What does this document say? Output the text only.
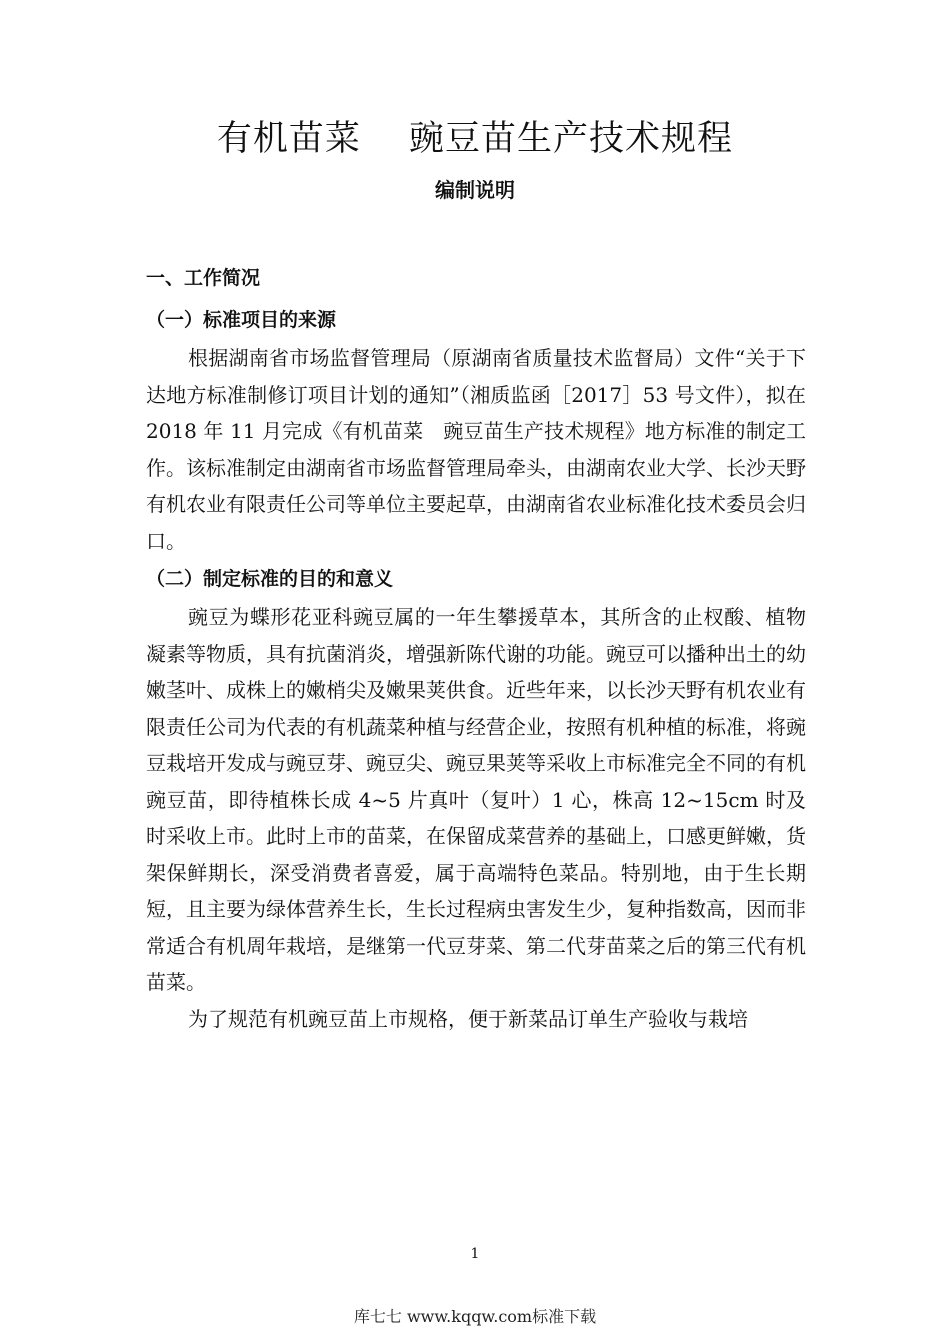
有机苗菜　 豌豆苗生产技术规程
编制说明
一、工作简况
（一）标准项目的来源

根据湖南省市场监督管理局（原湖南省质量技术监督局）文件“关于下达地方标准制修订项目计划的通知”（湘质监函［2017］53 号文件），拟在 2018 年 11 月完成《有机苗菜　豌豆苗生产技术规程》地方标准的制定工作。该标准制定由湖南省市场监督管理局牵头，由湖南农业大学、长沙天野有机农业有限责任公司等单位主要起草，由湖南省农业标准化技术委员会归口。

（二）制定标准的目的和意义

豌豆为蝶形花亚科豌豆属的一年生攀援草本，其所含的止杈酸、植物凝素等物质，具有抗菌消炎，增强新陈代谢的功能。豌豆可以播种出土的幼嫩茎叶、成株上的嫩梢尖及嫩果荚供食。近些年来，以长沙天野有机农业有限责任公司为代表的有机蔬菜种植与经营企业，按照有机种植的标准，将豌豆栽培开发成与豌豆芽、豌豆尖、豌豆果荚等采收上市标准完全不同的有机豌豆苗，即待植株长成 4~5 片真叶（复叶）1 心，株高 12~15cm 时及时采收上市。此时上市的苗菜，在保留成菜营养的基础上，口感更鲜嫩，货架保鲜期长，深受消费者喜爱，属于高端特色菜品。特别地，由于生长期短，且主要为绿体营养生长，生长过程病虫害发生少，复种指数高，因而非常适合有机周年栽培，是继第一代豆芽菜、第二代芽苗菜之后的第三代有机苗菜。

为了规范有机豌豆苗上市规格，便于新菜品订单生产验收与栽培

1
库七七 www.kqqw.com标准下载
